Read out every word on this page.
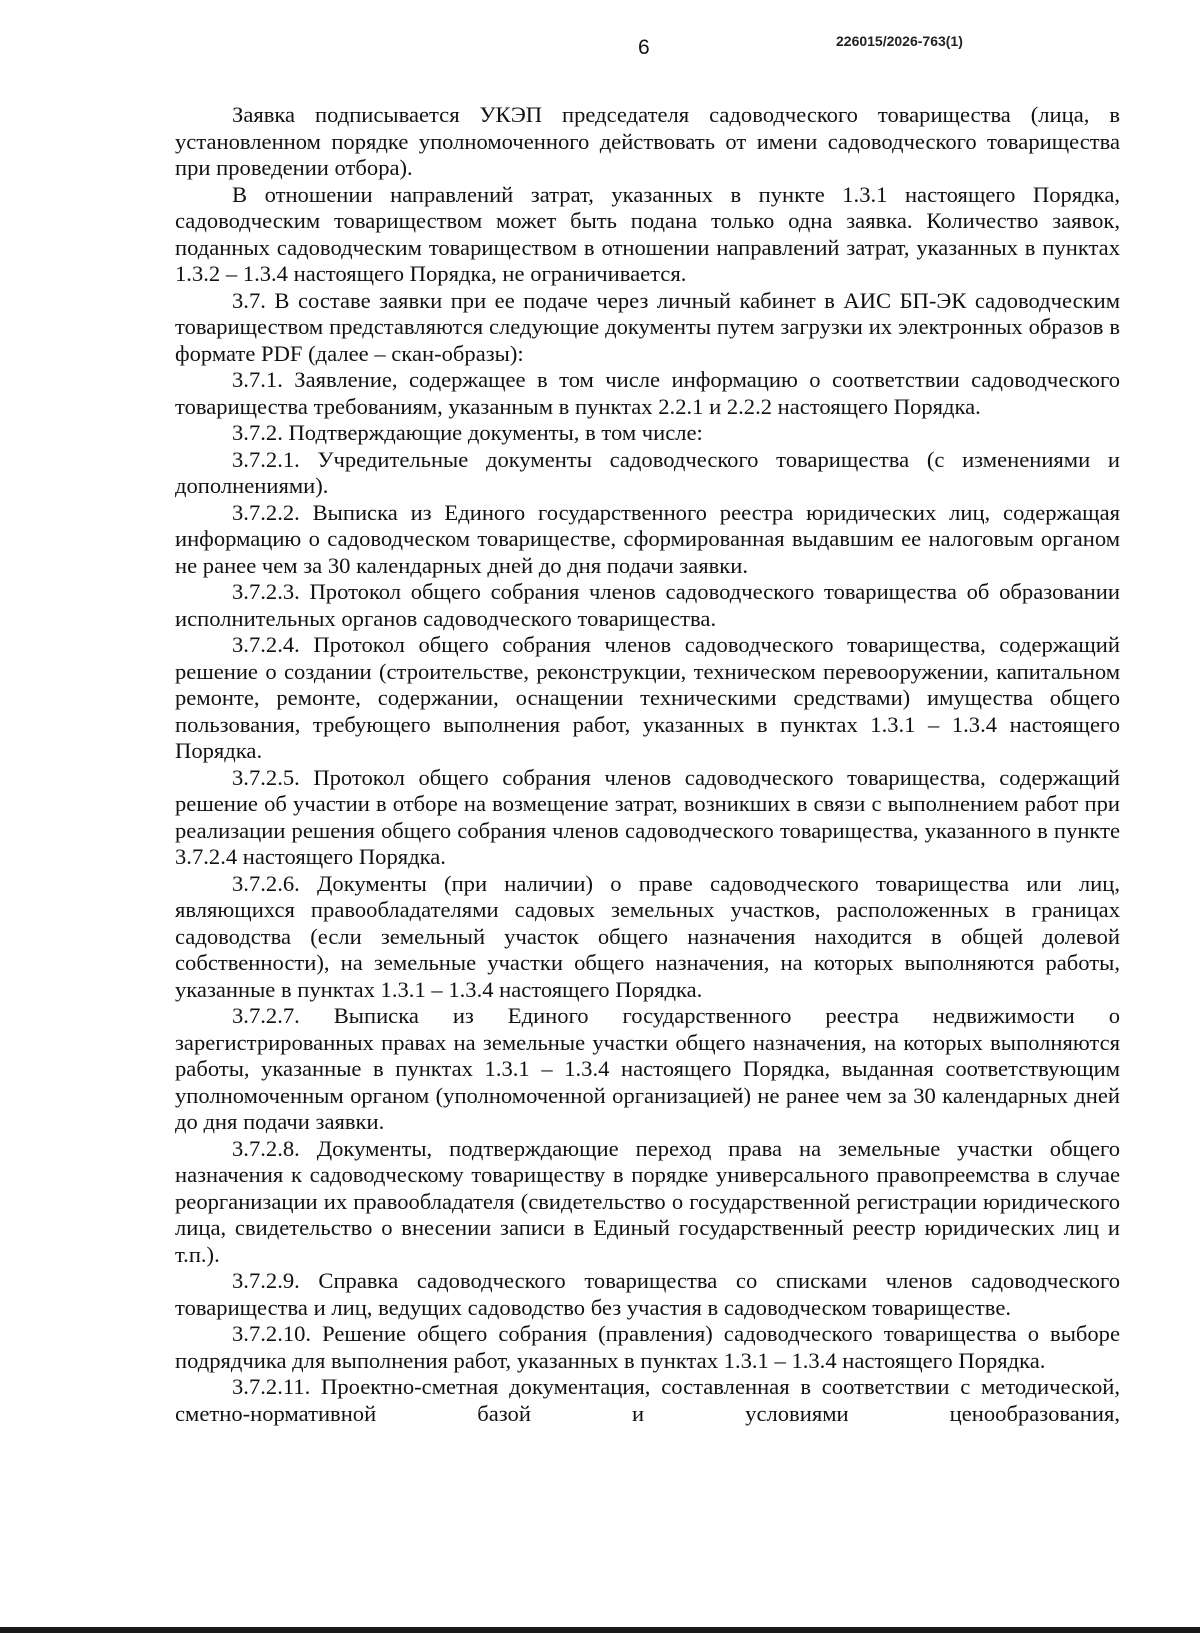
6	226015/2026-763(1)

Заявка подписывается УКЭП председателя садоводческого товарищества (лица, в установленном порядке уполномоченного действовать от имени садоводческого товарищества при проведении отбора).

В отношении направлений затрат, указанных в пункте 1.3.1 настоящего Порядка, садоводческим товариществом может быть подана только одна заявка. Количество заявок, поданных садоводческим товариществом в отношении направлений затрат, указанных в пунктах 1.3.2 – 1.3.4 настоящего Порядка, не ограничивается.

3.7. В составе заявки при ее подаче через личный кабинет в АИС БП-ЭК садоводческим товариществом представляются следующие документы путем загрузки их электронных образов в формате PDF (далее – скан-образы):

3.7.1. Заявление, содержащее в том числе информацию о соответствии садоводческого товарищества требованиям, указанным в пунктах 2.2.1 и 2.2.2 настоящего Порядка.

3.7.2. Подтверждающие документы, в том числе:

3.7.2.1. Учредительные документы садоводческого товарищества (с изменениями и дополнениями).

3.7.2.2. Выписка из Единого государственного реестра юридических лиц, содержащая информацию о садоводческом товариществе, сформированная выдавшим ее налоговым органом не ранее чем за 30 календарных дней до дня подачи заявки.

3.7.2.3. Протокол общего собрания членов садоводческого товарищества об образовании исполнительных органов садоводческого товарищества.

3.7.2.4. Протокол общего собрания членов садоводческого товарищества, содержащий решение о создании (строительстве, реконструкции, техническом перевооружении, капитальном ремонте, ремонте, содержании, оснащении техническими средствами) имущества общего пользования, требующего выполнения работ, указанных в пунктах 1.3.1 – 1.3.4 настоящего Порядка.

3.7.2.5. Протокол общего собрания членов садоводческого товарищества, содержащий решение об участии в отборе на возмещение затрат, возникших в связи с выполнением работ при реализации решения общего собрания членов садоводческого товарищества, указанного в пункте 3.7.2.4 настоящего Порядка.

3.7.2.6. Документы (при наличии) о праве садоводческого товарищества или лиц, являющихся правообладателями садовых земельных участков, расположенных в границах садоводства (если земельный участок общего назначения находится в общей долевой собственности), на земельные участки общего назначения, на которых выполняются работы, указанные в пунктах 1.3.1 – 1.3.4 настоящего Порядка.

3.7.2.7. Выписка из Единого государственного реестра недвижимости о зарегистрированных правах на земельные участки общего назначения, на которых выполняются работы, указанные в пунктах 1.3.1 – 1.3.4 настоящего Порядка, выданная соответствующим уполномоченным органом (уполномоченной организацией) не ранее чем за 30 календарных дней до дня подачи заявки.

3.7.2.8. Документы, подтверждающие переход права на земельные участки общего назначения к садоводческому товариществу в порядке универсального правопреемства в случае реорганизации их правообладателя (свидетельство о государственной регистрации юридического лица, свидетельство о внесении записи в Единый государственный реестр юридических лиц и т.п.).

3.7.2.9. Справка садоводческого товарищества со списками членов садоводческого товарищества и лиц, ведущих садоводство без участия в садоводческом товариществе.

3.7.2.10. Решение общего собрания (правления) садоводческого товарищества о выборе подрядчика для выполнения работ, указанных в пунктах 1.3.1 – 1.3.4 настоящего Порядка.

3.7.2.11. Проектно-сметная документация, составленная в соответствии с методической, сметно-нормативной базой и условиями ценообразования,
